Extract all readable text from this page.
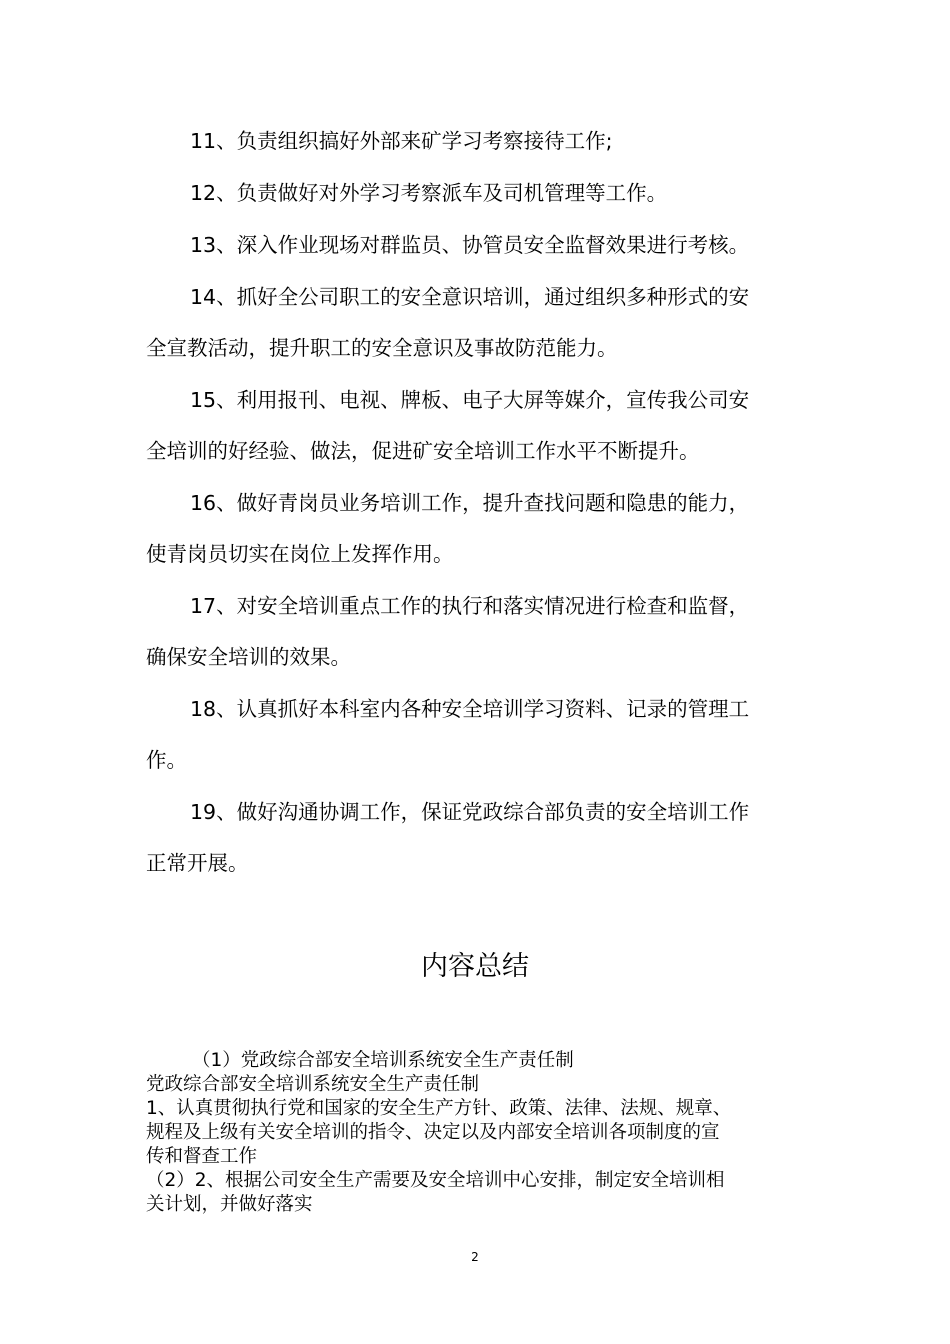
11、负责组织搞好外部来矿学习考察接待工作;
12、负责做好对外学习考察派车及司机管理等工作。
13、深入作业现场对群监员、协管员安全监督效果进行考核。
14、抓好全公司职工的安全意识培训，通过组织多种形式的安
全宣教活动，提升职工的安全意识及事故防范能力。
15、利用报刊、电视、牌板、电子大屏等媒介，宣传我公司安
全培训的好经验、做法，促进矿安全培训工作水平不断提升。
16、做好青岗员业务培训工作，提升查找问题和隐患的能力，
使青岗员切实在岗位上发挥作用。
17、对安全培训重点工作的执行和落实情况进行检查和监督，
确保安全培训的效果。
18、认真抓好本科室内各种安全培训学习资料、记录的管理工
作。
19、做好沟通协调工作，保证党政综合部负责的安全培训工作
正常开展。
内容总结
（1）党政综合部安全培训系统安全生产责任制
党政综合部安全培训系统安全生产责任制
1、认真贯彻执行党和国家的安全生产方针、政策、法律、法规、规章、
规程及上级有关安全培训的指令、决定以及内部安全培训各项制度的宣
传和督查工作
（2）2、根据公司安全生产需要及安全培训中心安排，制定安全培训相
关计划，并做好落实
2
